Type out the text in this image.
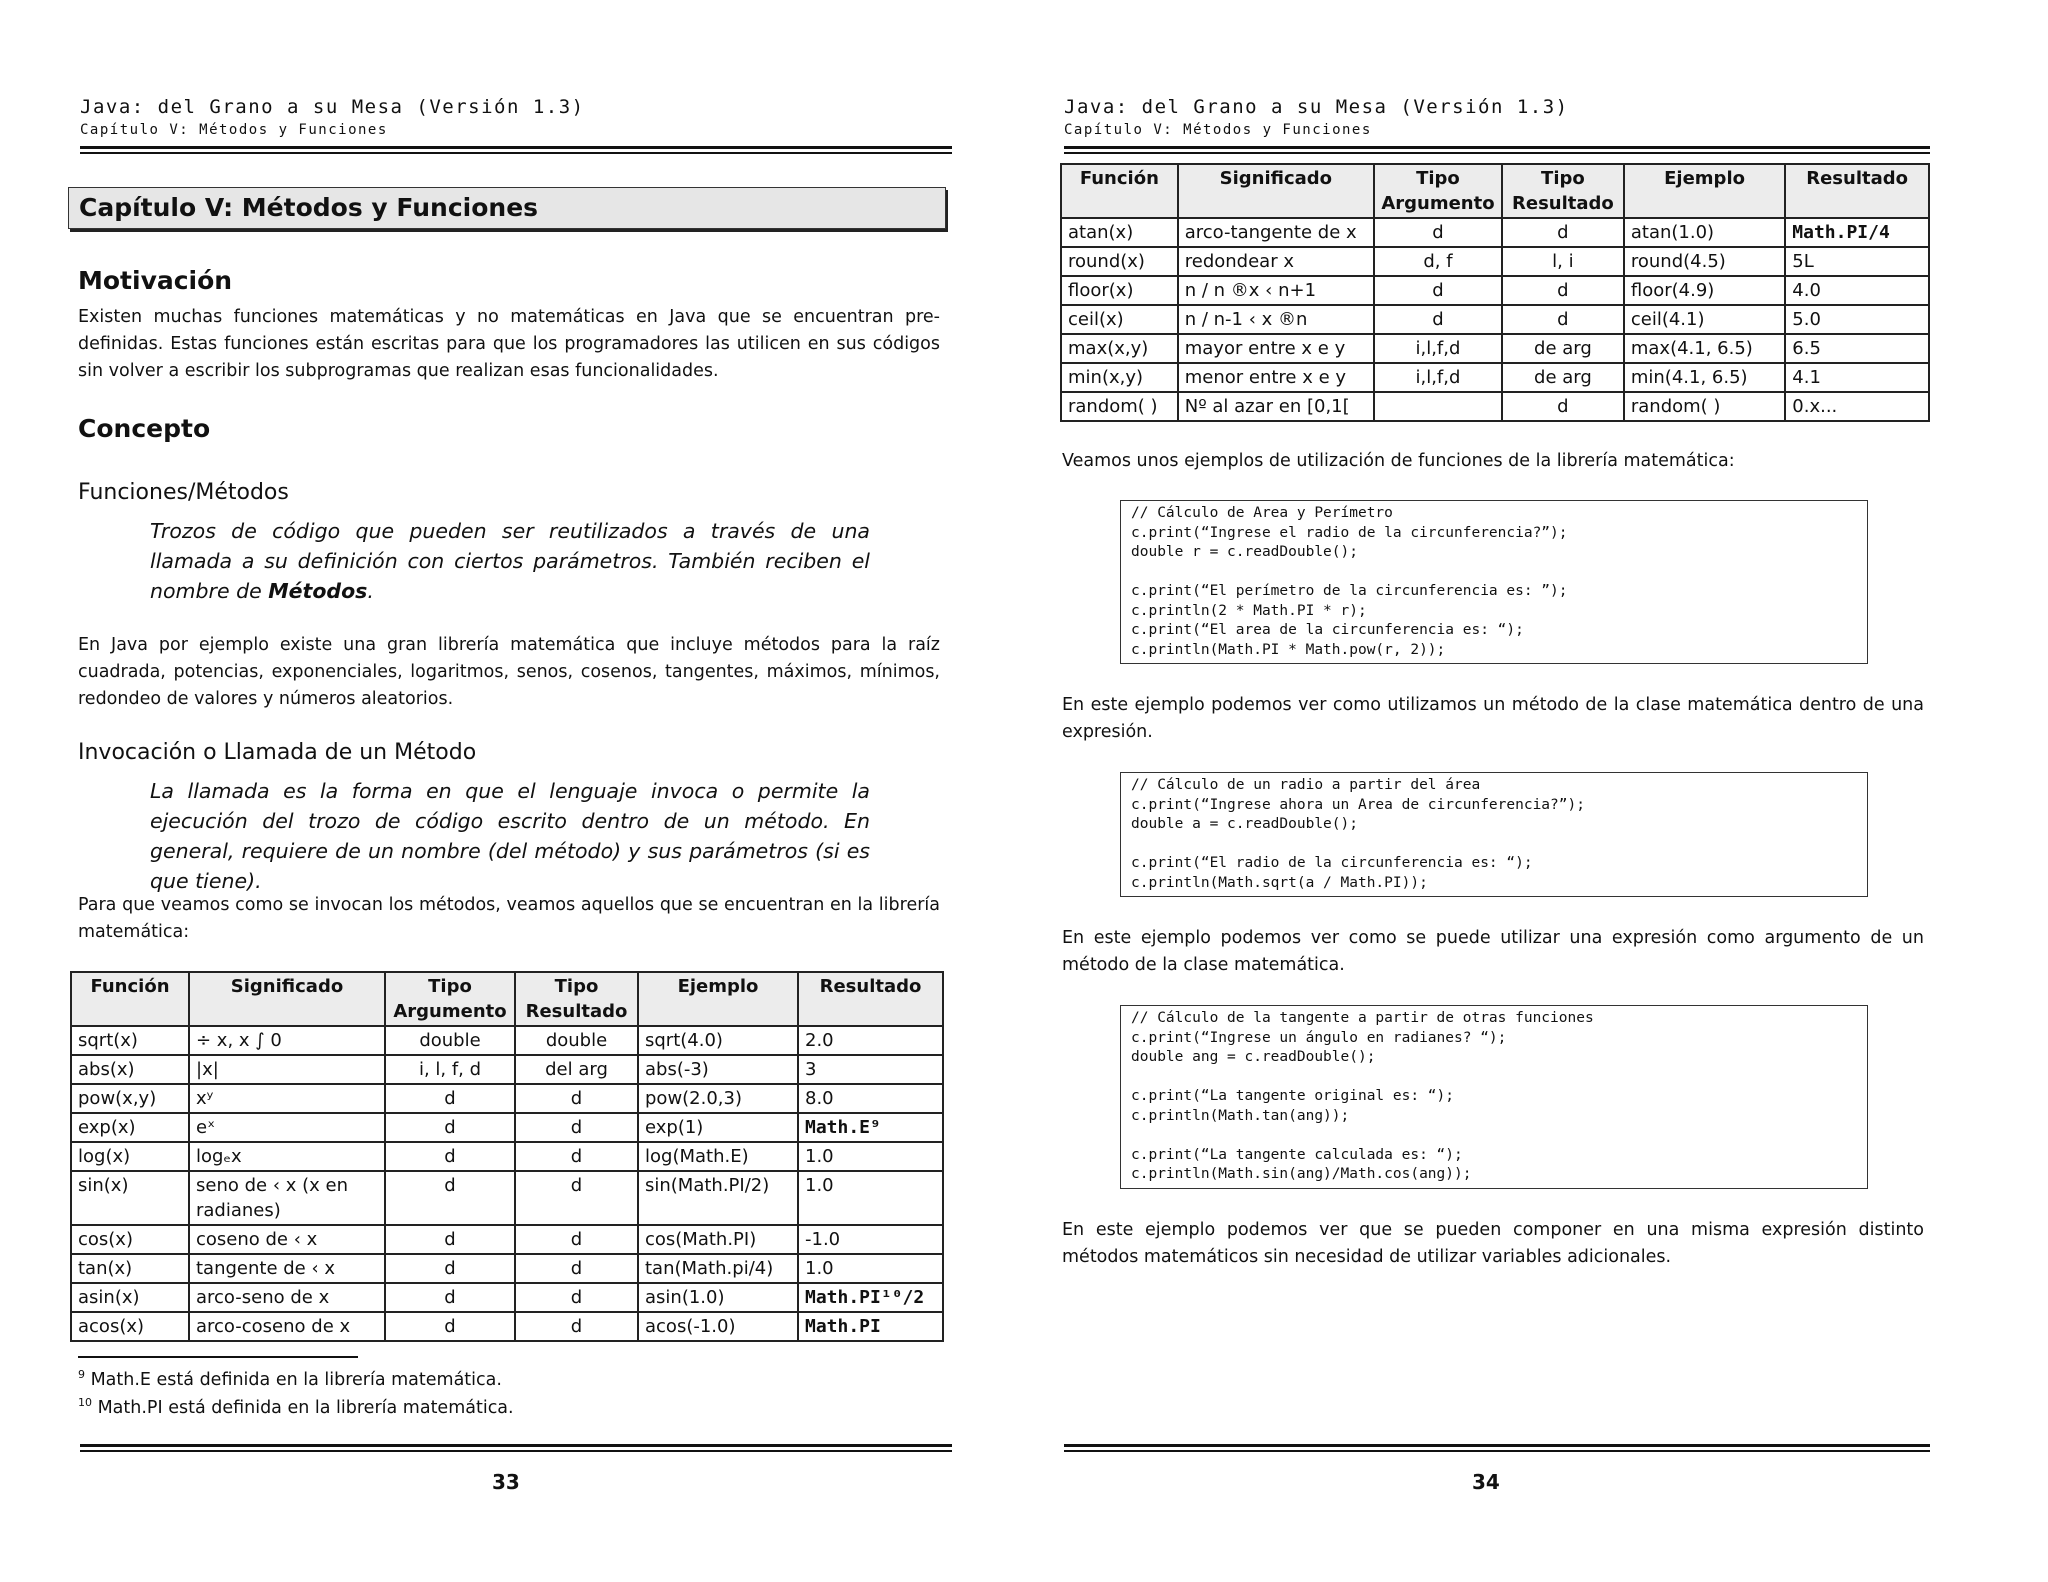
Java: del Grano a su Mesa (Versión 1.3)
Capítulo V: Métodos y Funciones
Capítulo V: Métodos y Funciones
Motivación

Existen muchas funciones matemáticas y no matemáticas en Java que se encuentran pre-definidas. Estas funciones están escritas para que los programadores las utilicen en sus códigos sin volver a escribir los subprogramas que realizan esas funcionalidades.

Concepto
Funciones/Métodos

Trozos de código que pueden ser reutilizados a través de una llamada a su definición con ciertos parámetros. También reciben el nombre de Métodos.

En Java por ejemplo existe una gran librería matemática que incluye métodos para la raíz cuadrada, potencias, exponenciales, logaritmos, senos, cosenos, tangentes, máximos, mínimos, redondeo de valores y números aleatorios.

Invocación o Llamada de un Método

La llamada es la forma en que el lenguaje invoca o permite la ejecución del trozo de código escrito dentro de un método. En general, requiere de un nombre (del método) y sus parámetros (si es que tiene).

Para que veamos como se invocan los métodos, veamos aquellos que se encuentran en la librería matemática:

Función	Significado	Tipo Argumento	Tipo Resultado	Ejemplo	Resultado
sqrt(x)	÷ x, x ∫ 0	double	double	sqrt(4.0)	2.0
abs(x)	|x|	i, l, f, d	del arg	abs(-3)	3
pow(x,y)	xʸ	d	d	pow(2.0,3)	8.0
exp(x)	eˣ	d	d	exp(1)	Math.E⁹
log(x)	logₑx	d	d	log(Math.E)	1.0
sin(x)	seno de ‹ x (x en radianes)	d	d	sin(Math.PI/2)	1.0
cos(x)	coseno de ‹ x	d	d	cos(Math.PI)	-1.0
tan(x)	tangente de ‹ x	d	d	tan(Math.pi/4)	1.0
asin(x)	arco-seno de x	d	d	asin(1.0)	Math.PI¹⁰/2
acos(x)	arco-coseno de x	d	d	acos(-1.0)	Math.PI
$^9$ Math.E está definida en la librería matemática.
$^{10}$ Math.PI está definida en la librería matemática.
33
Java: del Grano a su Mesa (Versión 1.3)
Capítulo V: Métodos y Funciones
Función	Significado	Tipo Argumento	Tipo Resultado	Ejemplo	Resultado
atan(x)	arco-tangente de x	d	d	atan(1.0)	Math.PI/4
round(x)	redondear x	d, f	l, i	round(4.5)	5L
floor(x)	n / n ®x ‹ n+1	d	d	floor(4.9)	4.0
ceil(x)	n / n-1 ‹ x ®n	d	d	ceil(4.1)	5.0
max(x,y)	mayor entre x e y	i,l,f,d	de arg	max(4.1, 6.5)	6.5
min(x,y)	menor entre x e y	i,l,f,d	de arg	min(4.1, 6.5)	4.1
random( )	Nº al azar en [0,1[		d	random( )	0.x...

Veamos unos ejemplos de utilización de funciones de la librería matemática:

// Cálculo de Area y Perímetro
c.print(“Ingrese el radio de la circunferencia?”);
double r = c.readDouble();

c.print(“El perímetro de la circunferencia es: ”);
c.println(2 * Math.PI * r);
c.print(“El area de la circunferencia es: “);
c.println(Math.PI * Math.pow(r, 2));

En este ejemplo podemos ver como utilizamos un método de la clase matemática dentro de una expresión.

// Cálculo de un radio a partir del área
c.print(“Ingrese ahora un Area de circunferencia?”);
double a = c.readDouble();

c.print(“El radio de la circunferencia es: “);
c.println(Math.sqrt(a / Math.PI));

En este ejemplo podemos ver como se puede utilizar una expresión como argumento de un método de la clase matemática.

// Cálculo de la tangente a partir de otras funciones
c.print(“Ingrese un ángulo en radianes? “);
double ang = c.readDouble();

c.print(“La tangente original es: “);
c.println(Math.tan(ang));

c.print(“La tangente calculada es: “);
c.println(Math.sin(ang)/Math.cos(ang));

En este ejemplo podemos ver que se pueden componer en una misma expresión distinto métodos matemáticos sin necesidad de utilizar variables adicionales.

34
